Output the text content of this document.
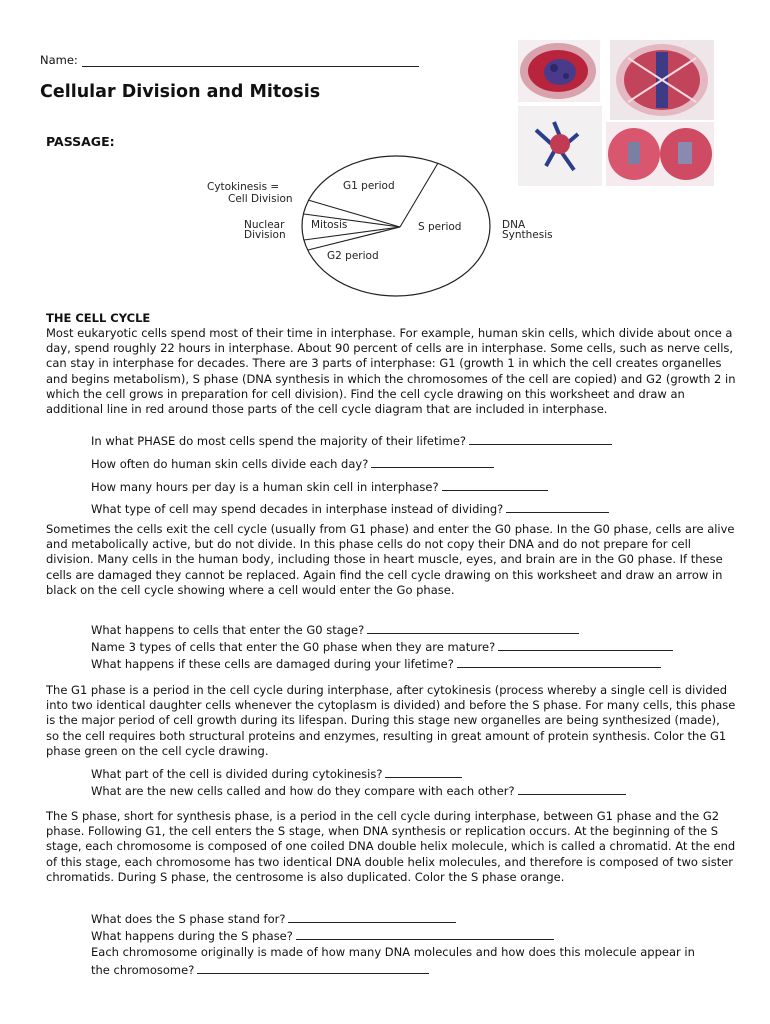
Name:
Cellular Division and Mitosis
PASSAGE:
G1 period
S period
G2 period
Mitosis
Cytokinesis =
Cell Division
Nuclear
Division
DNA
Synthesis
THE CELL CYCLE

Most eukaryotic cells spend most of their time in interphase. For example, human skin cells, which divide about once a day, spend roughly 22 hours in interphase. About 90 percent of cells are in interphase. Some cells, such as nerve cells, can stay in interphase for decades. There are 3 parts of interphase: G1 (growth 1 in which the cell creates organelles and begins metabolism), S phase (DNA synthesis in which the chromosomes of the cell are copied) and G2 (growth 2 in which the cell grows in preparation for cell division). Find the cell cycle drawing on this worksheet and draw an additional line in red around those parts of the cell cycle diagram that are included in interphase.

In what PHASE do most cells spend the majority of their lifetime?
How often do human skin cells divide each day?
How many hours per day is a human skin cell in interphase?
What type of cell may spend decades in interphase instead of dividing?

Sometimes the cells exit the cell cycle (usually from G1 phase) and enter the G0 phase. In the G0 phase, cells are alive and metabolically active, but do not divide. In this phase cells do not copy their DNA and do not prepare for cell division. Many cells in the human body, including those in heart muscle, eyes, and brain are in the G0 phase. If these cells are damaged they cannot be replaced. Again find the cell cycle drawing on this worksheet and draw an arrow in black on the cell cycle showing where a cell would enter the Go phase.

What happens to cells that enter the G0 stage?
Name 3 types of cells that enter the G0 phase when they are mature?
What happens if these cells are damaged during your lifetime?

The G1 phase is a period in the cell cycle during interphase, after cytokinesis (process whereby a single cell is divided into two identical daughter cells whenever the cytoplasm is divided) and before the S phase. For many cells, this phase is the major period of cell growth during its lifespan. During this stage new organelles are being synthesized (made), so the cell requires both structural proteins and enzymes, resulting in great amount of protein synthesis. Color the G1 phase green on the cell cycle drawing.

What part of the cell is divided during cytokinesis?
What are the new cells called and how do they compare with each other?

The S phase, short for synthesis phase, is a period in the cell cycle during interphase, between G1 phase and the G2 phase. Following G1, the cell enters the S stage, when DNA synthesis or replication occurs. At the beginning of the S stage, each chromosome is composed of one coiled DNA double helix molecule, which is called a chromatid. At the end of this stage, each chromosome has two identical DNA double helix molecules, and therefore is composed of two sister chromatids. During S phase, the centrosome is also duplicated. Color the S phase orange.

What does the S phase stand for?
What happens during the S phase?
Each chromosome originally is made of how many DNA molecules and how does this molecule appear in the chromosome?
